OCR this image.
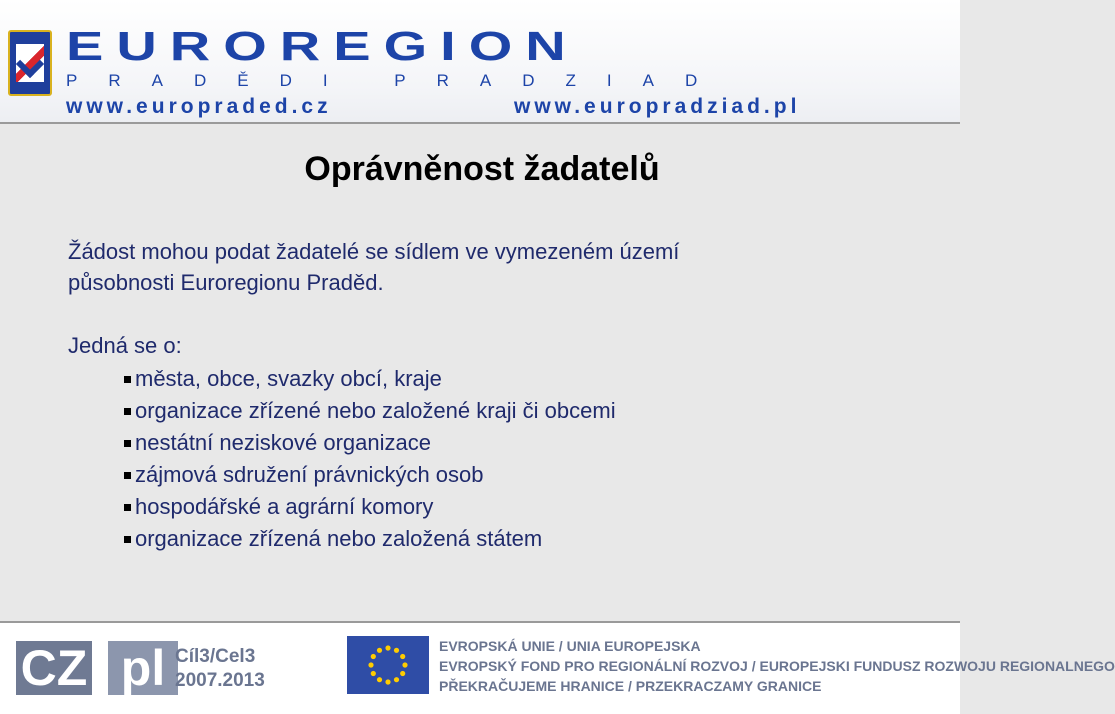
EUROREGION
PRADĚDI PRADZIAD
www.europraded.cz	www.europradziad.pl
Oprávněnost žadatelů
Žádost mohou podat žadatelé se sídlem ve vymezeném území
působnosti Euroregionu Praděd.
Jedná se o:
města, obce, svazky obcí, kraje
organizace zřízené nebo založené kraji či obcemi
nestátní neziskové organizace
zájmová sdružení právnických osob
hospodářské a agrární komory
organizace zřízená nebo založená státem
CZ pl Cíl3/Cel3
2007.2013
EVROPSKÁ UNIE / UNIA EUROPEJSKA
EVROPSKÝ FOND PRO REGIONÁLNÍ ROZVOJ / EUROPEJSKI FUNDUSZ ROZWOJU REGIONALNEGO
PŘEKRAČUJEME HRANICE / PRZEKRACZAMY GRANICE
